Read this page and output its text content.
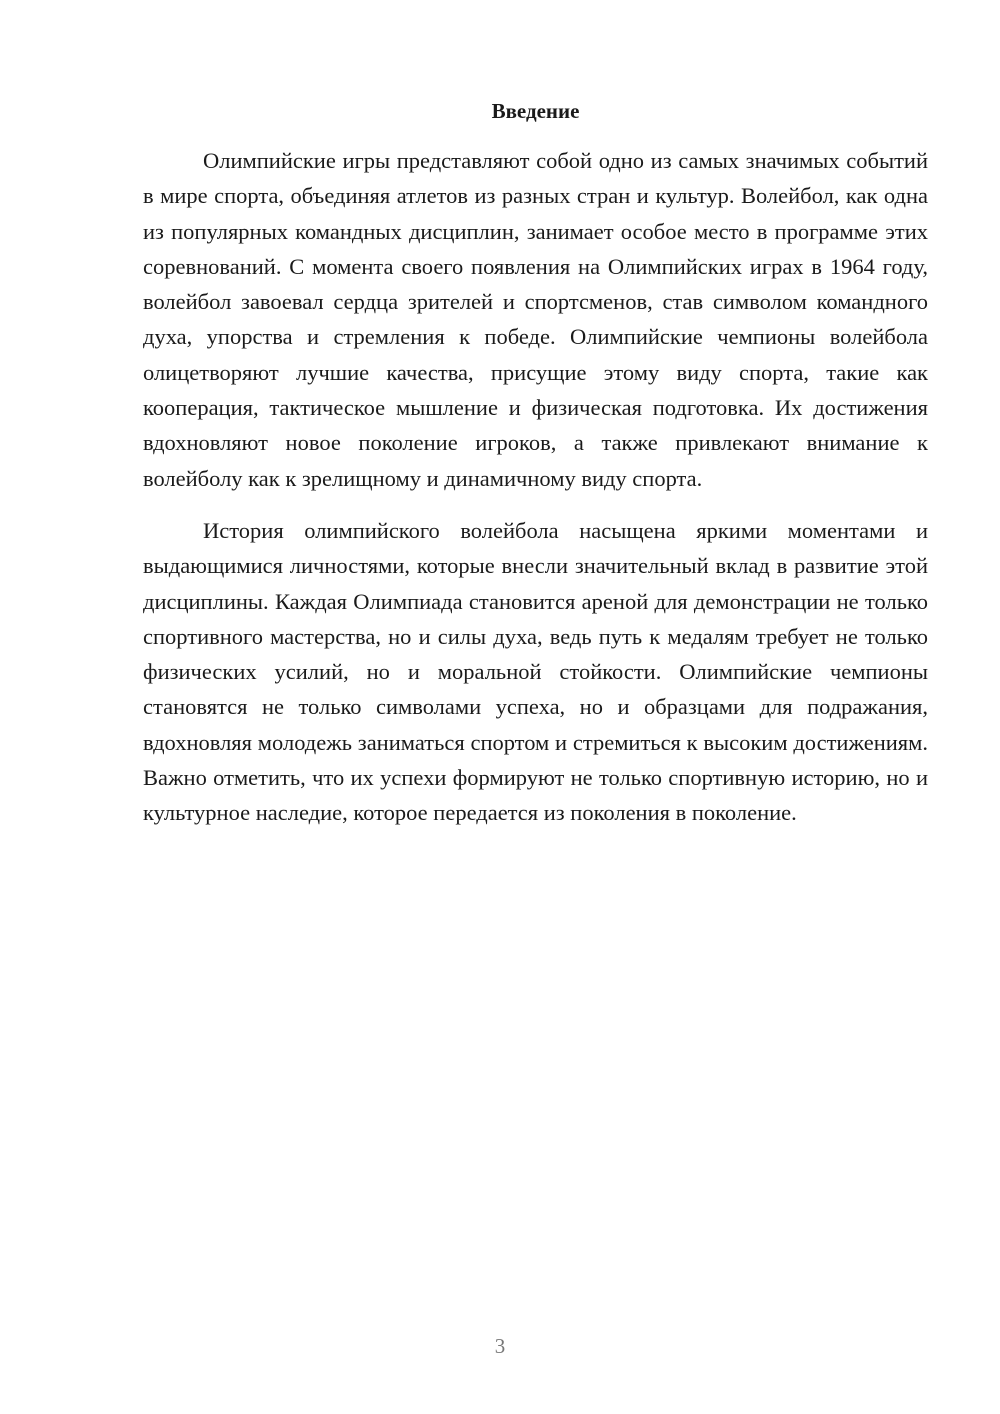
Введение

Олимпийские игры представляют собой одно из самых значимых событий в мире спорта, объединяя атлетов из разных стран и культур. Волейбол, как одна из популярных командных дисциплин, занимает особое место в программе этих соревнований. С момента своего появления на Олимпийских играх в 1964 году, волейбол завоевал сердца зрителей и спортсменов, став символом командного духа, упорства и стремления к победе. Олимпийские чемпионы волейбола олицетворяют лучшие качества, присущие этому виду спорта, такие как кооперация, тактическое мышление и физическая подготовка. Их достижения вдохновляют новое поколение игроков, а также привлекают внимание к волейболу как к зрелищному и динамичному виду спорта.

История олимпийского волейбола насыщена яркими моментами и выдающимися личностями, которые внесли значительный вклад в развитие этой дисциплины. Каждая Олимпиада становится ареной для демонстрации не только спортивного мастерства, но и силы духа, ведь путь к медалям требует не только физических усилий, но и моральной стойкости. Олимпийские чемпионы становятся не только символами успеха, но и образцами для подражания, вдохновляя молодежь заниматься спортом и стремиться к высоким достижениям. Важно отметить, что их успехи формируют не только спортивную историю, но и культурное наследие, которое передается из поколения в поколение.

3
